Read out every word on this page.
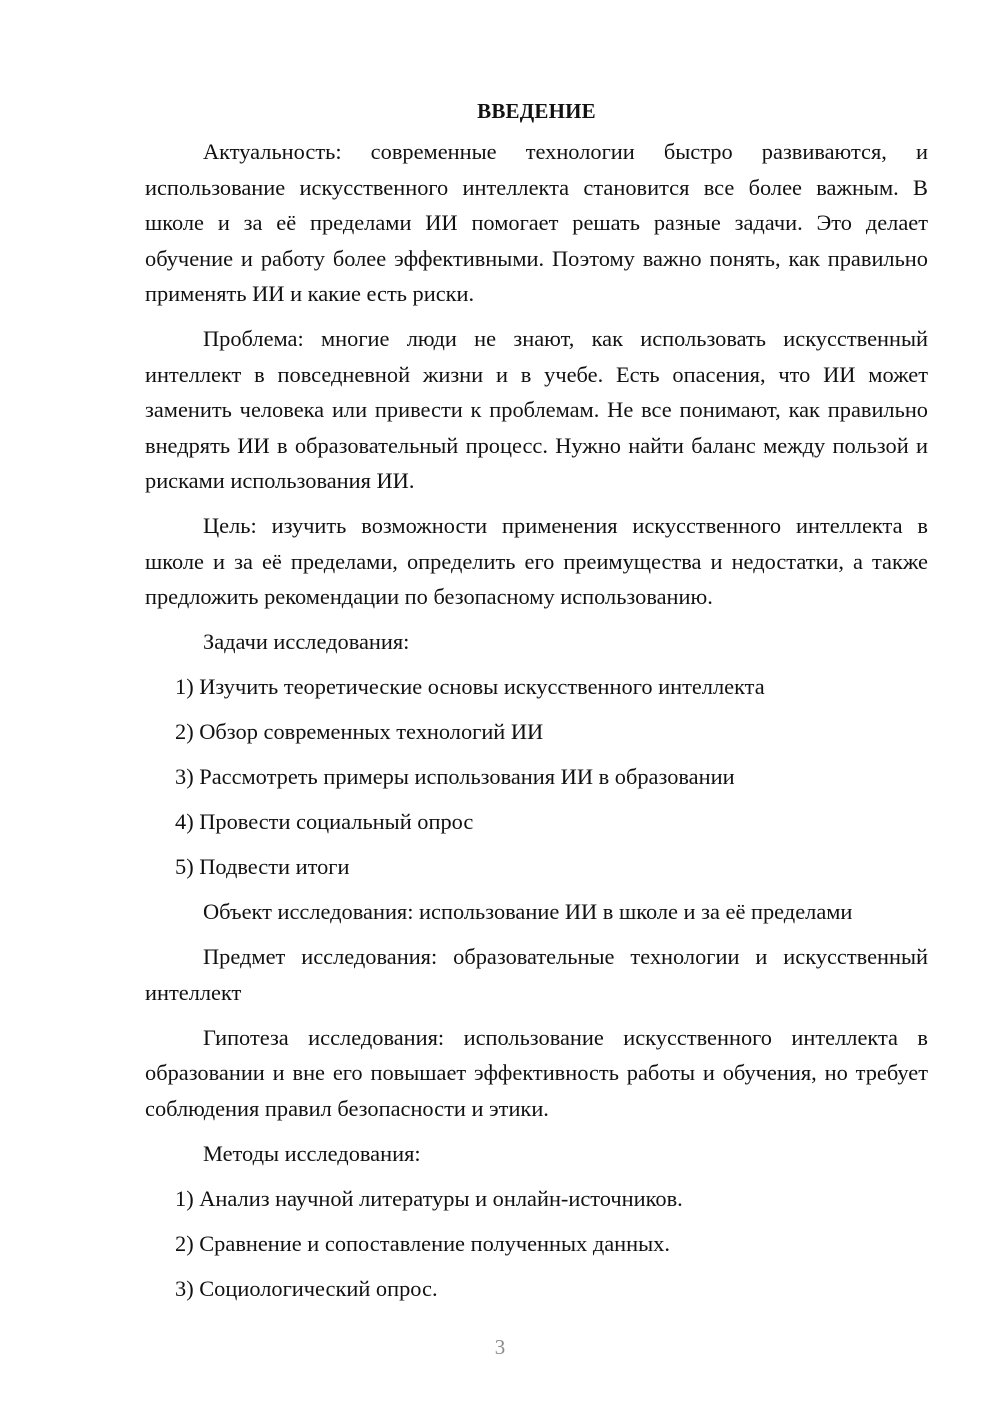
ВВЕДЕНИЕ

Актуальность: современные технологии быстро развиваются, и использование искусственного интеллекта становится все более важным. В школе и за её пределами ИИ помогает решать разные задачи. Это делает обучение и работу более эффективными. Поэтому важно понять, как правильно применять ИИ и какие есть риски.

Проблема: многие люди не знают, как использовать искусственный интеллект в повседневной жизни и в учебе. Есть опасения, что ИИ может заменить человека или привести к проблемам. Не все понимают, как правильно внедрять ИИ в образовательный процесс. Нужно найти баланс между пользой и рисками использования ИИ.

Цель: изучить возможности применения искусственного интеллекта в школе и за её пределами, определить его преимущества и недостатки, а также предложить рекомендации по безопасному использованию.

Задачи исследования:

1) Изучить теоретические основы искусственного интеллекта

2) Обзор современных технологий ИИ

3) Рассмотреть примеры использования ИИ в образовании

4) Провести социальный опрос

5) Подвести итоги

Объект исследования: использование ИИ в школе и за её пределами

Предмет исследования: образовательные технологии и искусственный интеллект

Гипотеза исследования: использование искусственного интеллекта в образовании и вне его повышает эффективность работы и обучения, но требует соблюдения правил безопасности и этики.

Методы исследования:

1) Анализ научной литературы и онлайн-источников.

2) Сравнение и сопоставление полученных данных.

3) Социологический опрос.

3
